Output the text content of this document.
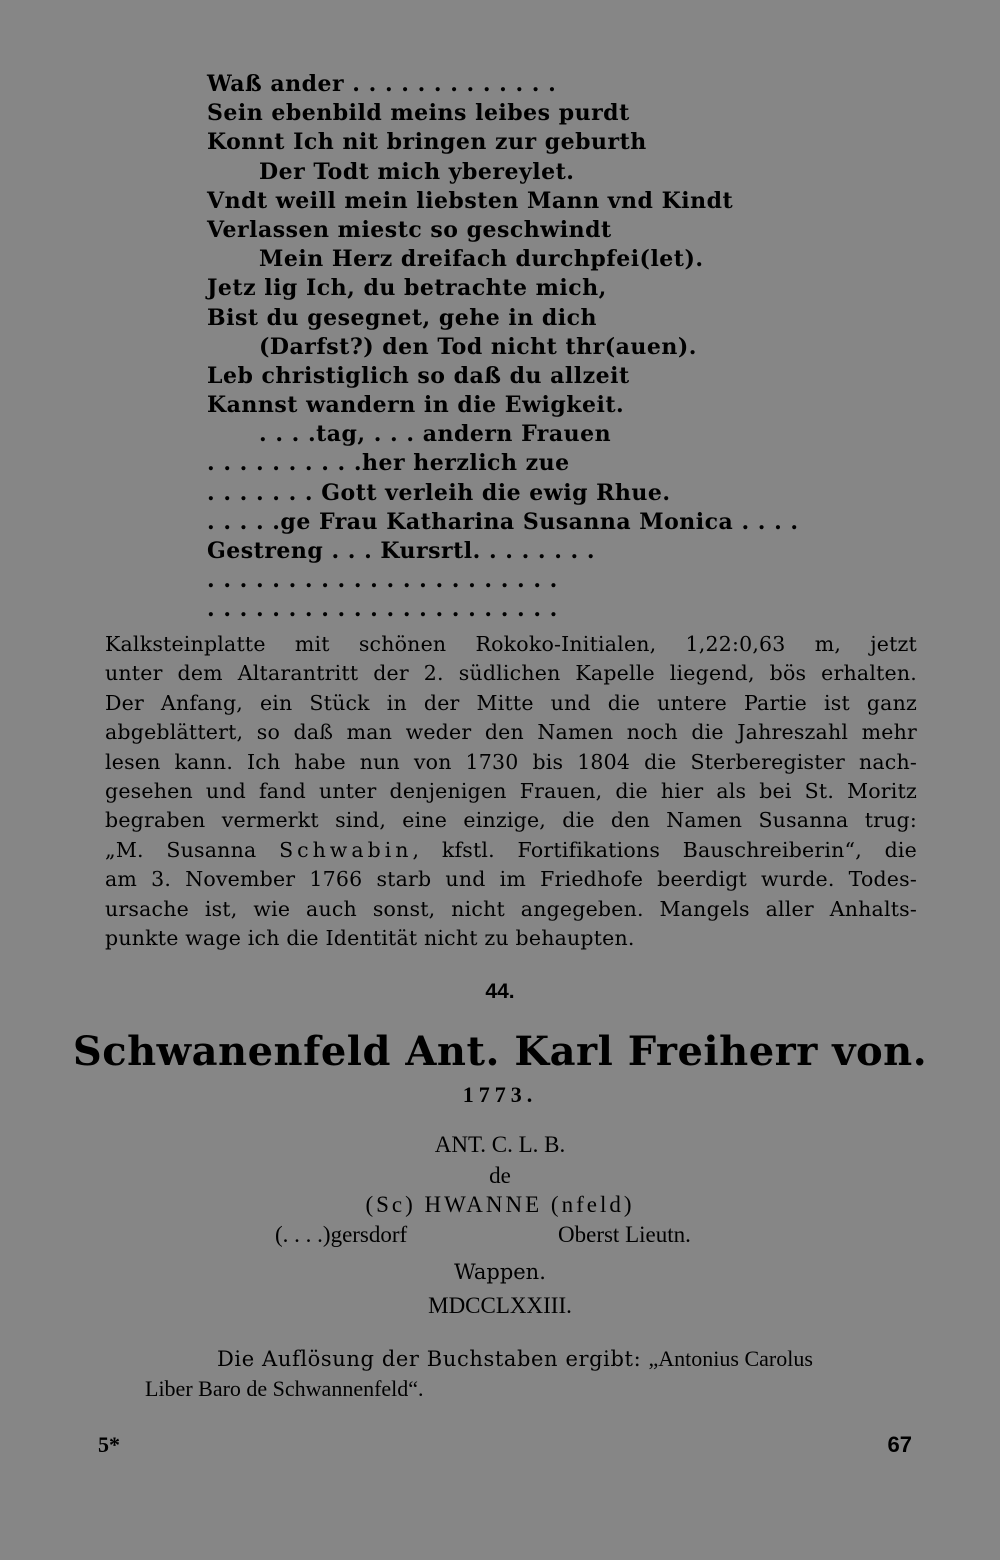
Waß ander . . . . . . . . . . . . .
Sein ebenbild meins leibes purdt
Konnt Ich nit bringen zur geburth
Der Todt mich ybereylet.
Vndt weill mein liebsten Mann vnd Kindt
Verlassen miestc so geschwindt
Mein Herz dreifach durchpfei(let).
Jetz lig Ich, du betrachte mich,
Bist du gesegnet, gehe in dich
(Darfst?) den Tod nicht thr(auen).
Leb christiglich so daß du allzeit
Kannst wandern in die Ewigkeit.
. . . .tag, . . . andern Frauen
. . . . . . . . . .her herzlich zue
. . . . . . . Gott verleih die ewig Rhue.
. . . . .ge Frau Katharina Susanna Monica . . . .
Gestreng . . . Kursrtl. . . . . . . .
. . . . . . . . . . . . . . . . . . . . . .
. . . . . . . . . . . . . . . . . . . . . .
Kalksteinplatte mit schönen Rokoko-Initialen, 1,22:0,63 m, jetzt
unter dem Altarantritt der 2. südlichen Kapelle liegend, bös erhalten.
Der Anfang, ein Stück in der Mitte und die untere Partie ist ganz
abgeblättert, so daß man weder den Namen noch die Jahreszahl mehr
lesen kann. Ich habe nun von 1730 bis 1804 die Sterberegister nach-
gesehen und fand unter denjenigen Frauen, die hier als bei St. Moritz
begraben vermerkt sind, eine einzige, die den Namen Susanna trug:
„M. Susanna Schwabin, kfstl. Fortifikations Bauschreiberin“, die
am 3. November 1766 starb und im Friedhofe beerdigt wurde. Todes-
ursache ist, wie auch sonst, nicht angegeben. Mangels aller Anhalts-
punkte wage ich die Identität nicht zu behaupten.
44.
Schwanenfeld Ant. Karl Freiherr von.
1773.
ANT. C. L. B.
de
(Sc) HWANNE (nfeld)
(. . . .)gersdorf	Oberst Lieutn.
Wappen.
MDCCLXXIII.
Die Auflösung der Buchstaben ergibt: „Antonius Carolus
Liber Baro de Schwannenfeld“.
5*	67
